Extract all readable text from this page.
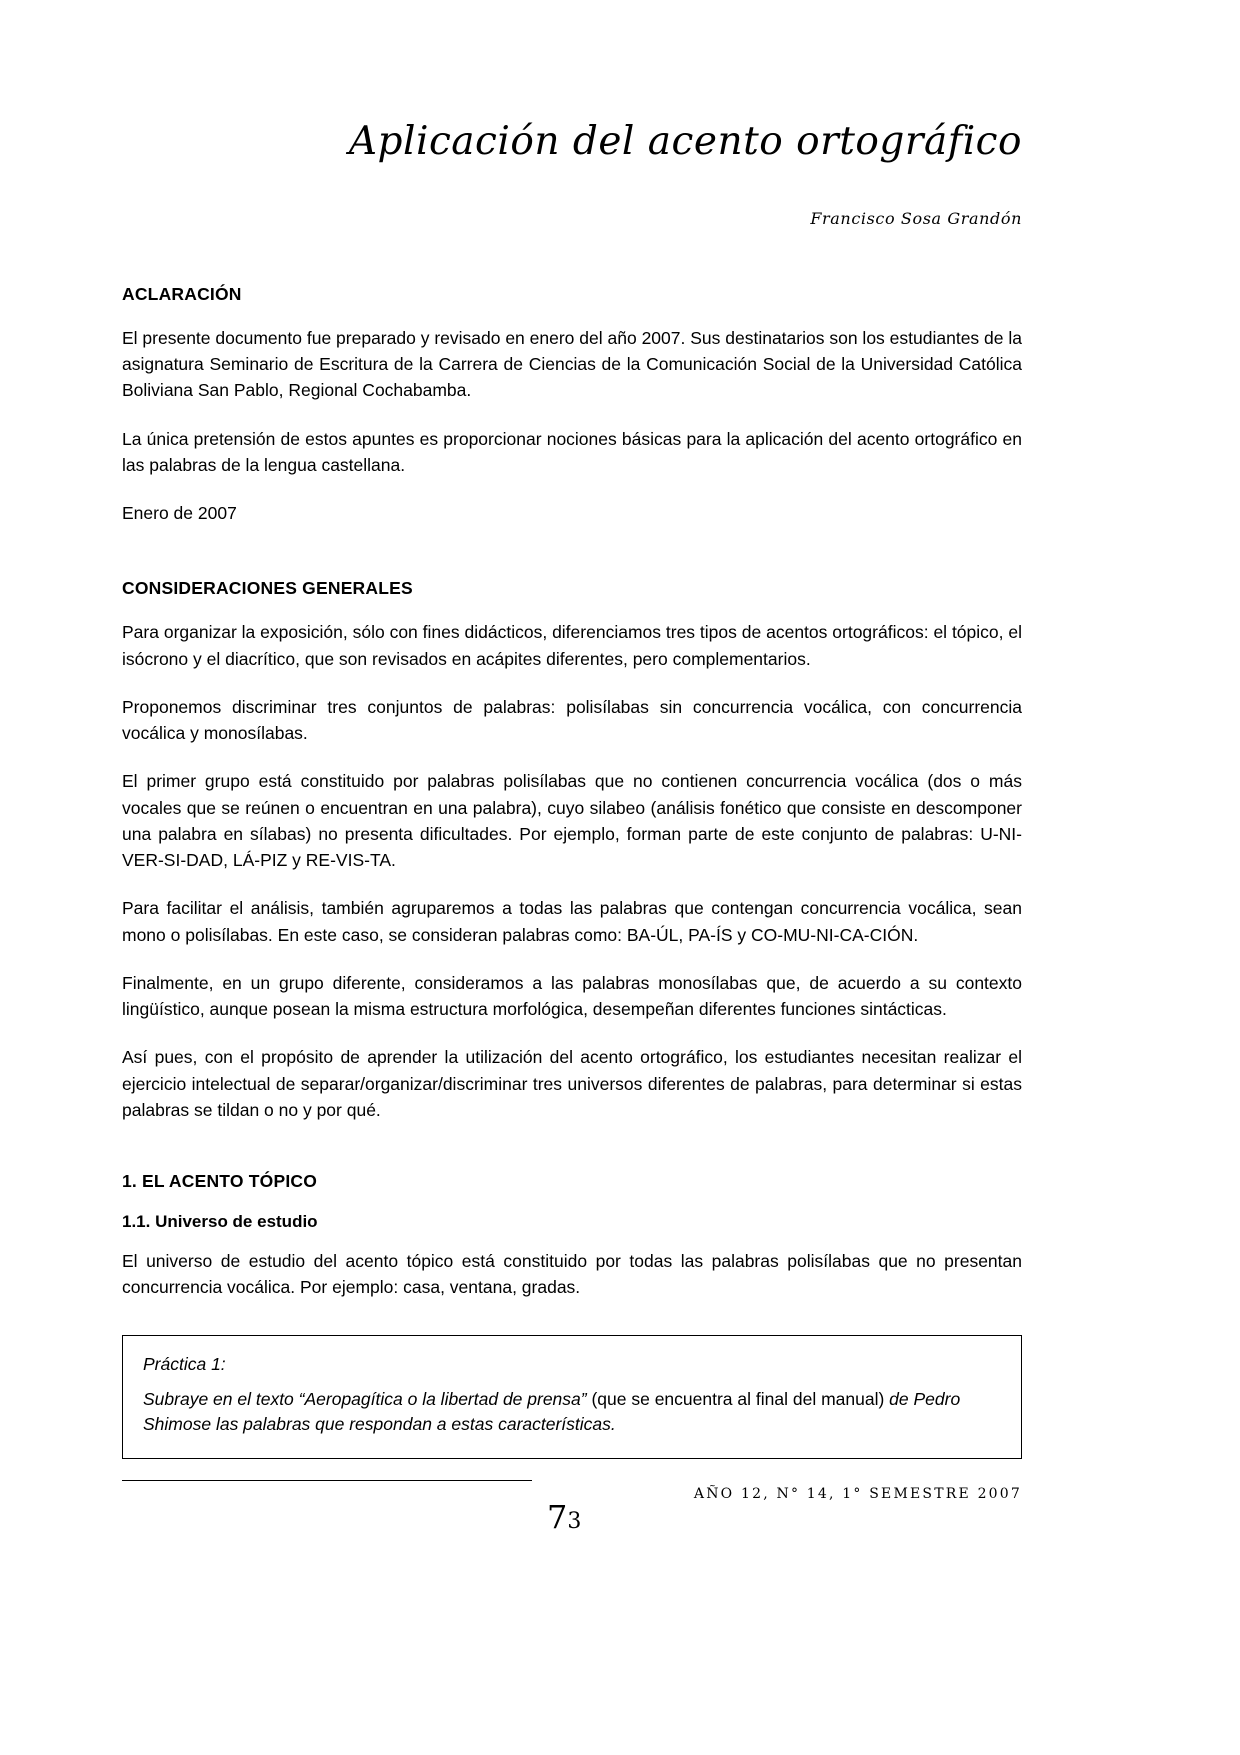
Aplicación del acento ortográfico
Francisco Sosa Grandón
ACLARACIÓN

El presente documento fue preparado y revisado en enero del año 2007. Sus destinatarios son los estudiantes de la asignatura Seminario de Escritura de la Carrera de Ciencias de la Comunicación Social de la Universidad Católica Boliviana San Pablo, Regional Cochabamba.

La única pretensión de estos apuntes es proporcionar nociones básicas para la aplicación del acento ortográfico en las palabras de la lengua castellana.

Enero de 2007

CONSIDERACIONES GENERALES

Para organizar la exposición, sólo con fines didácticos, diferenciamos tres tipos de acentos ortográficos: el tópico, el isócrono y el diacrítico, que son revisados en acápites diferentes, pero complementarios.

Proponemos discriminar tres conjuntos de palabras: polisílabas sin concurrencia vocálica, con concurrencia vocálica y monosílabas.

El primer grupo está constituido por palabras polisílabas que no contienen concurrencia vocálica (dos o más vocales que se reúnen o encuentran en una palabra), cuyo silabeo (análisis fonético que consiste en descomponer una palabra en sílabas) no presenta dificultades. Por ejemplo, forman parte de este conjunto de palabras: U-NI-VER-SI-DAD, LÁ-PIZ y RE-VIS-TA.

Para facilitar el análisis, también agruparemos a todas las palabras que contengan concurrencia vocálica, sean mono o polisílabas. En este caso, se consideran palabras como: BA-ÚL, PA-ÍS y CO-MU-NI-CA-CIÓN.

Finalmente, en un grupo diferente, consideramos a las palabras monosílabas que, de acuerdo a su contexto lingüístico, aunque posean la misma estructura morfológica, desempeñan diferentes funciones sintácticas.

Así pues, con el propósito de aprender la utilización del acento ortográfico, los estudiantes necesitan realizar el ejercicio intelectual de separar/organizar/discriminar tres universos diferentes de palabras, para determinar si estas palabras se tildan o no y por qué.

1. EL ACENTO TÓPICO
1.1. Universo de estudio

El universo de estudio del acento tópico está constituido por todas las palabras polisílabas que no presentan concurrencia vocálica. Por ejemplo: casa, ventana, gradas.

Práctica 1:

Subraye en el texto “Aeropagítica o la libertad de prensa” (que se encuentra al final del manual) de Pedro Shimose las palabras que respondan a estas características.

73
AÑO 12, N° 14, 1° SEMESTRE 2007
